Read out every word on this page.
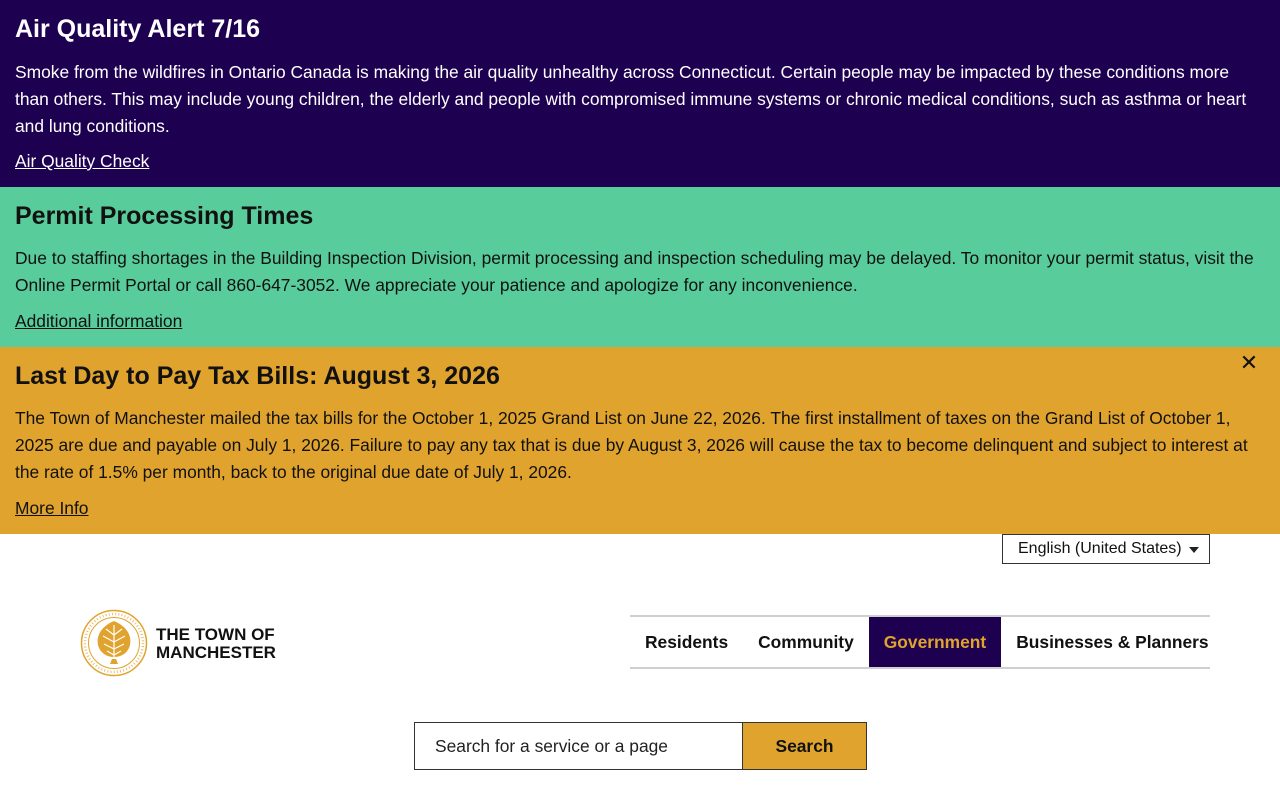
Air Quality Alert 7/16

Smoke from the wildfires in Ontario Canada is making the air quality unhealthy across Connecticut. Certain people may be impacted by these conditions more than others. This may include young children, the elderly and people with compromised immune systems or chronic medical conditions, such as asthma or heart and lung conditions.

Air Quality Check
Permit Processing Times

Due to staffing shortages in the Building Inspection Division, permit processing and inspection scheduling may be delayed. To monitor your permit status, visit the Online Permit Portal or call 860-647-3052. We appreciate your patience and apologize for any inconvenience.

Additional information
✕
Last Day to Pay Tax Bills: August 3, 2026

The Town of Manchester mailed the tax bills for the October 1, 2025 Grand List on June 22, 2026. The first installment of taxes on the Grand List of October 1, 2025 are due and payable on July 1, 2026. Failure to pay any tax that is due by August 3, 2026 will cause the tax to become delinquent and subject to interest at the rate of 1.5% per month, back to the original due date of July 1, 2026.

More Info
English (United States)
THE TOWN OF
MANCHESTER
Residents	Community	Government	Businesses & Planners
Search for a service or a page
Search
